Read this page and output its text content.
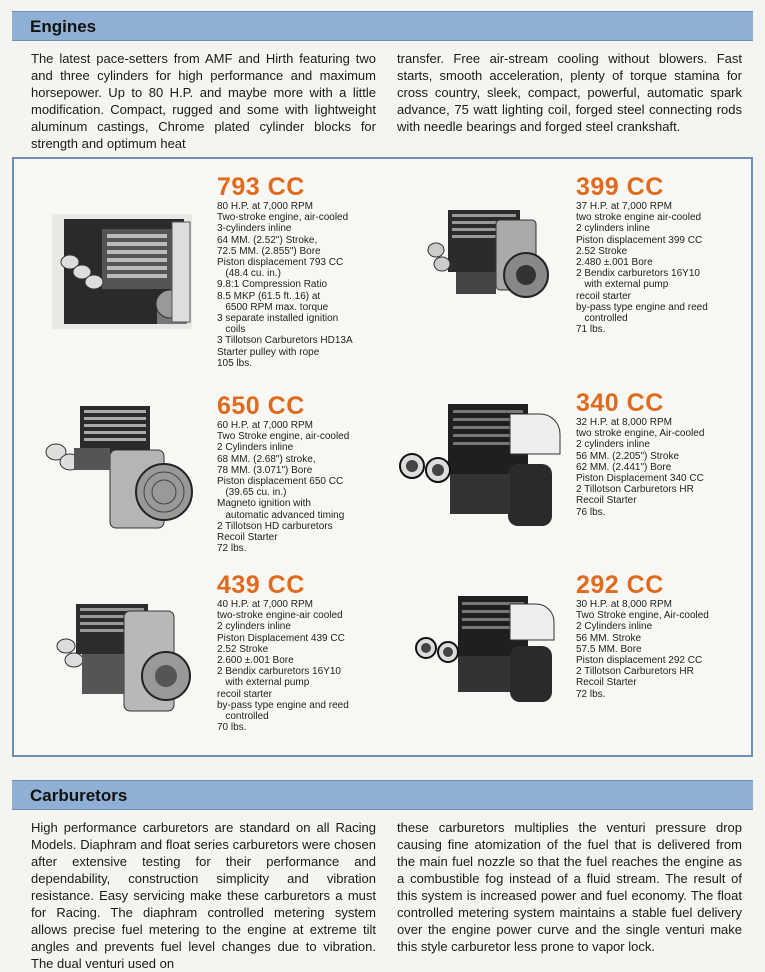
Engines

The latest pace-setters from AMF and Hirth featuring two and three cylinders for high performance and maximum horsepower. Up to 80 H.P. and maybe more with a little modification. Compact, rugged and some with lightweight aluminum castings, Chrome plated cylinder blocks for strength and optimum heat

transfer. Free air-stream cooling without blowers. Fast starts, smooth acceleration, plenty of torque stamina for cross country, sleek, compact, powerful, automatic spark advance, 75 watt lighting coil, forged steel connecting rods with needle bearings and forged steel crankshaft.

793 CC
80 H.P. at 7,000 RPM
Two-stroke engine, air-cooled
3-cylinders inline
64 MM. (2.52") Stroke,
72.5 MM. (2.855") Bore
Piston displacement 793 CC
(48.4 cu. in.)
9.8:1 Compression Ratio
8.5 MKP (61.5 ft. 16) at
6500 RPM max. torque
3 separate installed ignition
coils
3 Tillotson Carburetors HD13A
Starter pulley with rope
105 lbs.
399 CC
37 H.P. at 7,000 RPM
two stroke engine air-cooled
2 cylinders inline
Piston displacement 399 CC
2.52 Stroke
2.480 ±.001 Bore
2 Bendix carburetors 16Y10
with external pump
recoil starter
by-pass type engine and reed
controlled
71 lbs.
650 CC
60 H.P. at 7,000 RPM
Two Stroke engine, air-cooled
2 Cylinders inline
68 MM. (2.68") stroke,
78 MM. (3.071") Bore
Piston displacement 650 CC
(39.65 cu. in.)
Magneto ignition with
automatic advanced timing
2 Tillotson HD carburetors
Recoil Starter
72 lbs.
340 CC
32 H.P. at 8,000 RPM
two stroke engine, Air-cooled
2 cylinders inline
56 MM. (2.205") Stroke
62 MM. (2.441") Bore
Piston Displacement 340 CC
2 Tillotson Carburetors HR
Recoil Starter
76 lbs.
439 CC
40 H.P. at 7,000 RPM
two-stroke engine-air cooled
2 cylinders inline
Piston Displacement 439 CC
2.52 Stroke
2.600 ±.001 Bore
2 Bendix carburetors 16Y10
with external pump
recoil starter
by-pass type engine and reed
controlled
70 lbs.
292 CC
30 H.P. at 8,000 RPM
Two Stroke engine, Air-cooled
2 Cylinders inline
56 MM. Stroke
57.5 MM. Bore
Piston displacement 292 CC
2 Tillotson Carburetors HR
Recoil Starter
72 lbs.
Carburetors

High performance carburetors are standard on all Racing Models. Diaphram and float series carburetors were chosen after extensive testing for their performance and dependability, construction simplicity and vibration resistance. Easy servicing make these carburetors a must for Racing. The diaphram controlled metering system allows precise fuel metering to the engine at extreme tilt angles and prevents fuel level changes due to vibration. The dual venturi used on

these carburetors multiplies the venturi pressure drop causing fine atomization of the fuel that is delivered from the main fuel nozzle so that the fuel reaches the engine as a combustible fog instead of a fluid stream. The result of this system is increased power and fuel economy. The float controlled metering system maintains a stable fuel delivery over the engine power curve and the single venturi make this style carburetor less prone to vapor lock.
